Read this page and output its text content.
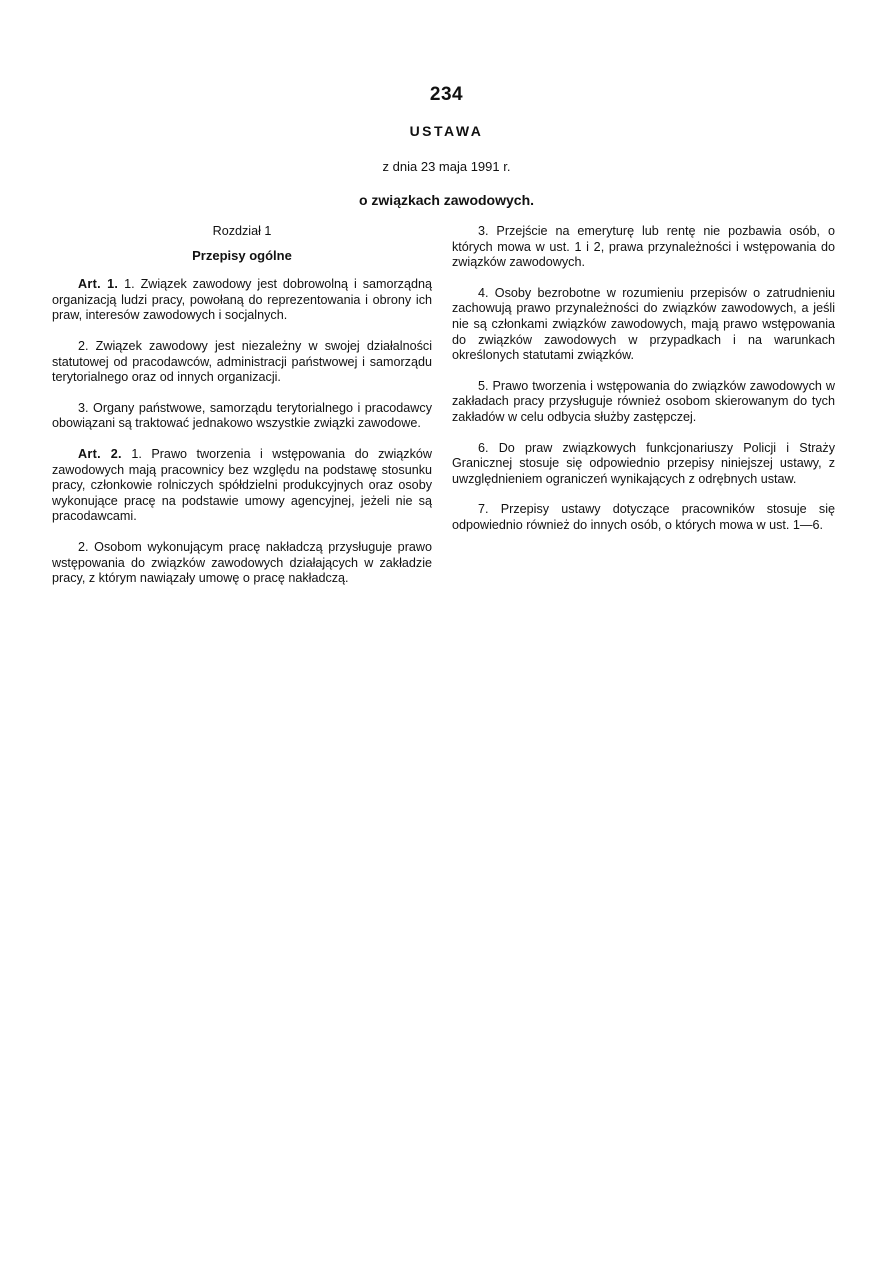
234
USTAWA
z dnia 23 maja 1991 r.
o związkach zawodowych.
Rozdział 1
Przepisy ogólne

Art. 1. 1. Związek zawodowy jest dobrowolną i samorządną organizacją ludzi pracy, powołaną do reprezentowania i obrony ich praw, interesów zawodowych i socjalnych.

2. Związek zawodowy jest niezależny w swojej działalności statutowej od pracodawców, administracji państwowej i samorządu terytorialnego oraz od innych organizacji.

3. Organy państwowe, samorządu terytorialnego i pracodawcy obowiązani są traktować jednakowo wszystkie związki zawodowe.

Art. 2. 1. Prawo tworzenia i wstępowania do związków zawodowych mają pracownicy bez względu na podstawę stosunku pracy, członkowie rolniczych spółdzielni produkcyjnych oraz osoby wykonujące pracę na podstawie umowy agencyjnej, jeżeli nie są pracodawcami.

2. Osobom wykonującym pracę nakładczą przysługuje prawo wstępowania do związków zawodowych działających w zakładzie pracy, z którym nawiązały umowę o pracę nakładczą.

3. Przejście na emeryturę lub rentę nie pozbawia osób, o których mowa w ust. 1 i 2, prawa przynależności i wstępowania do związków zawodowych.

4. Osoby bezrobotne w rozumieniu przepisów o zatrudnieniu zachowują prawo przynależności do związków zawodowych, a jeśli nie są członkami związków zawodowych, mają prawo wstępowania do związków zawodowych w przypadkach i na warunkach określonych statutami związków.

5. Prawo tworzenia i wstępowania do związków zawodowych w zakładach pracy przysługuje również osobom skierowanym do tych zakładów w celu odbycia służby zastępczej.

6. Do praw związkowych funkcjonariuszy Policji i Straży Granicznej stosuje się odpowiednio przepisy niniejszej ustawy, z uwzględnieniem ograniczeń wynikających z odrębnych ustaw.

7. Przepisy ustawy dotyczące pracowników stosuje się odpowiednio również do innych osób, o których mowa w ust. 1—6.
